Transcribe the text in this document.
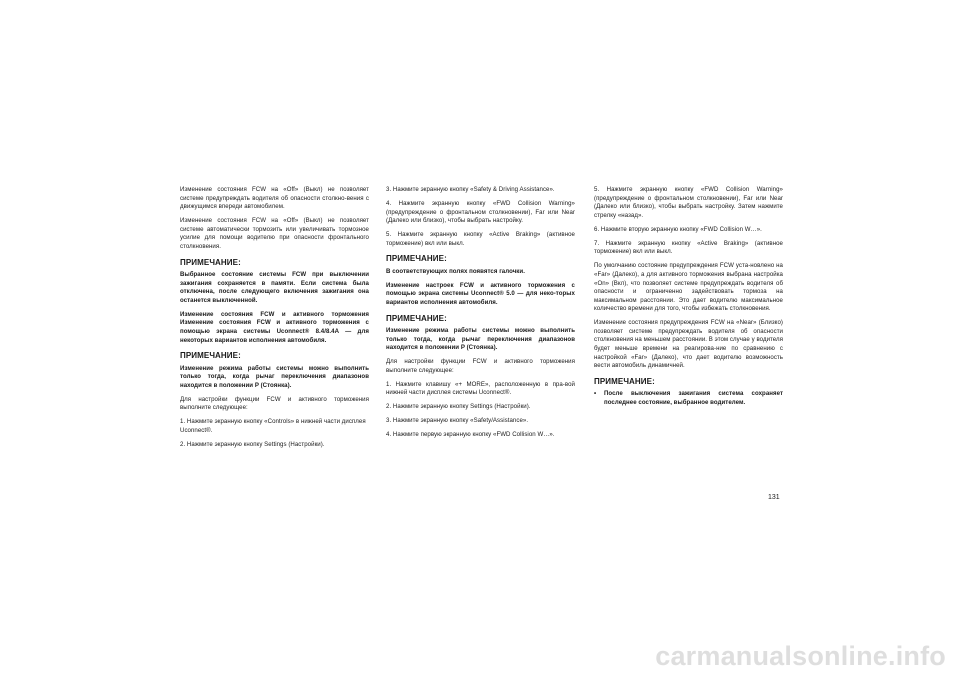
Изменение состояния FCW на «Off» (Выкл) не позволяет системе предупреждать водителя об опасности столкно-вения с движущимся впереди автомобилем.

Изменение состояния FCW на «Off» (Выкл) не позволяет системе автоматически тормозить или увеличивать тормозное усилие для помощи водителю при опасности фронтального столкновения.

ПРИМЕЧАНИЕ:

Выбранное состояние системы FCW при выключении зажигания сохраняется в памяти. Если система была отключена, после следующего включения зажигания она останется выключенной.

Изменение состояния FCW и активного торможения Изменение состояния FCW и активного торможения с помощью экрана системы Uconnect® 8.4/8.4A — для некоторых вариантов исполнения автомобиля.

ПРИМЕЧАНИЕ:

Изменение режима работы системы можно выполнить только тогда, когда рычаг переключения диапазонов находится в положении P (Стоянка).

Для настройки функции FCW и активного торможения выполните следующее:

1. Нажмите экранную кнопку «Controls» в нижней части дисплея Uconnect®.

2. Нажмите экранную кнопку Settings (Настройки).

3. Нажмите экранную кнопку «Safety & Driving Assistance».

4. Нажмите экранную кнопку «FWD Collision Warning» (предупреждение о фронтальном столкновении), Far или Near (Далеко или близко), чтобы выбрать настройку.

5. Нажмите экранную кнопку «Active Braking» (активное торможение) вкл или выкл.

ПРИМЕЧАНИЕ:

В соответствующих полях появятся галочки.

Изменение настроек FCW и активного торможения с помощью экрана системы Uconnect® 5.0 — для неко-торых вариантов исполнения автомобиля.

ПРИМЕЧАНИЕ:

Изменение режима работы системы можно выполнить только тогда, когда рычаг переключения диапазонов находится в положении P (Стоянка).

Для настройки функции FCW и активного торможения выполните следующее:

1. Нажмите клавишу «+ MORE», расположенную в пра-вой нижней части дисплея системы Uconnect®.

2. Нажмите экранную кнопку Settings (Настройки).

3. Нажмите экранную кнопку «Safety/Assistance».

4. Нажмите первую экранную кнопку «FWD Collision W…».

5. Нажмите экранную кнопку «FWD Collision Warning» (предупреждение о фронтальном столкновении), Far или Near (Далеко или близко), чтобы выбрать настройку. Затем нажмите стрелку «назад».

6. Нажмите вторую экранную кнопку «FWD Collision W…».

7. Нажмите экранную кнопку «Active Braking» (активное торможение) вкл или выкл.

По умолчанию состояние предупреждения FCW уста-новлено на «Far» (Далеко), а для активного торможения выбрана настройка «On» (Вкл), что позволяет системе предупреждать водителя об опасности и ограниченно задействовать тормоза на максимальном расстоянии. Это дает водителю максимальное количество времени для того, чтобы избежать столкновения.

Изменение состояния предупреждения FCW на «Near» (Близко) позволяет системе предупреждать водителя об опасности столкновения на меньшем расстоянии. В этом случае у водителя будет меньше времени на реагирова-ние по сравнению с настройкой «Far» (Далеко), что дает водителю возможность вести автомобиль динамичней.

ПРИМЕЧАНИЕ:
•	После выключения зажигания система сохраняет последнее состояние, выбранное водителем.
131
carmanualsonline.info
